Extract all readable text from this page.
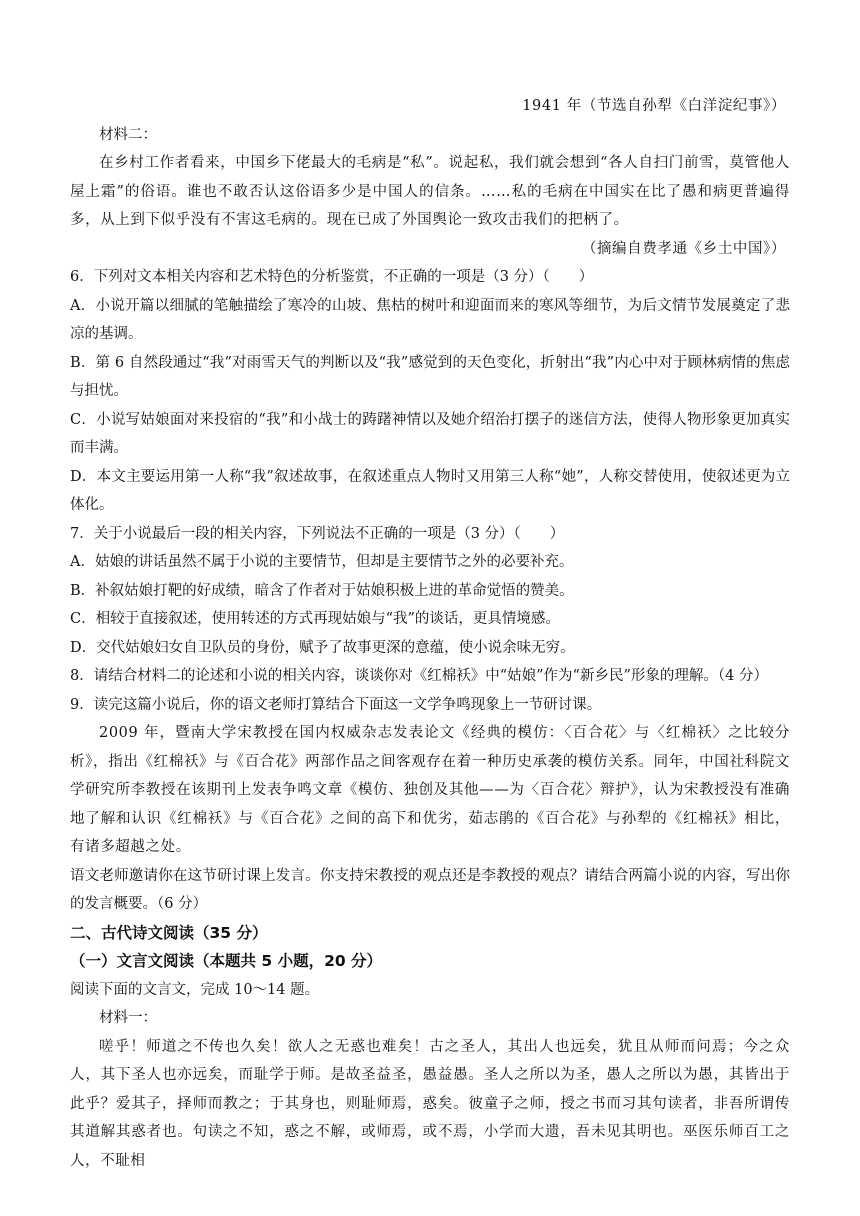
1941 年（节选自孙犁《白洋淀纪事》）

材料二：

在乡村工作者看来，中国乡下佬最大的毛病是“私”。说起私，我们就会想到“各人自扫门前雪，莫管他人屋上霜”的俗语。谁也不敢否认这俗语多少是中国人的信条。……私的毛病在中国实在比了愚和病更普遍得多，从上到下似乎没有不害这毛病的。现在已成了外国舆论一致攻击我们的把柄了。

（摘编自费孝通《乡土中国》）

6．下列对文本相关内容和艺术特色的分析鉴赏，不正确的一项是（3 分）（　　）

A．小说开篇以细腻的笔触描绘了寒冷的山坡、焦枯的树叶和迎面而来的寒风等细节，为后文情节发展奠定了悲凉的基调。

B．第 6 自然段通过“我”对雨雪天气的判断以及“我”感觉到的天色变化，折射出“我”内心中对于顾林病情的焦虑与担忧。

C．小说写姑娘面对来投宿的“我”和小战士的踌躇神情以及她介绍治打摆子的迷信方法，使得人物形象更加真实而丰满。

D．本文主要运用第一人称“我”叙述故事，在叙述重点人物时又用第三人称“她”，人称交替使用，使叙述更为立体化。

7．关于小说最后一段的相关内容，下列说法不正确的一项是（3 分）（　　）

A．姑娘的讲话虽然不属于小说的主要情节，但却是主要情节之外的必要补充。

B．补叙姑娘打靶的好成绩，暗含了作者对于姑娘积极上进的革命觉悟的赞美。

C．相较于直接叙述，使用转述的方式再现姑娘与“我”的谈话，更具情境感。

D．交代姑娘妇女自卫队员的身份，赋予了故事更深的意蕴，使小说余味无穷。

8．请结合材料二的论述和小说的相关内容，谈谈你对《红棉袄》中“姑娘”作为“新乡民”形象的理解。（4 分）

9．读完这篇小说后，你的语文老师打算结合下面这一文学争鸣现象上一节研讨课。

2009 年，暨南大学宋教授在国内权威杂志发表论文《经典的模仿：〈百合花〉与〈红棉袄〉之比较分析》，指出《红棉袄》与《百合花》两部作品之间客观存在着一种历史承袭的模仿关系。同年，中国社科院文学研究所李教授在该期刊上发表争鸣文章《模仿、独创及其他——为〈百合花〉辩护》，认为宋教授没有准确地了解和认识《红棉袄》与《百合花》之间的高下和优劣，茹志鹃的《百合花》与孙犁的《红棉袄》相比，有诸多超越之处。

语文老师邀请你在这节研讨课上发言。你支持宋教授的观点还是李教授的观点？请结合两篇小说的内容，写出你的发言概要。（6 分）

二、古代诗文阅读（35 分）

（一）文言文阅读（本题共 5 小题，20 分）

阅读下面的文言文，完成 10～14 题。

材料一：

嗟乎！师道之不传也久矣！欲人之无惑也难矣！古之圣人，其出人也远矣，犹且从师而问焉；今之众人，其下圣人也亦远矣，而耻学于师。是故圣益圣，愚益愚。圣人之所以为圣，愚人之所以为愚，其皆出于此乎？爱其子，择师而教之；于其身也，则耻师焉，惑矣。彼童子之师，授之书而习其句读者，非吾所谓传其道解其惑者也。句读之不知，惑之不解，或师焉，或不焉，小学而大遗，吾未见其明也。巫医乐师百工之人，不耻相
